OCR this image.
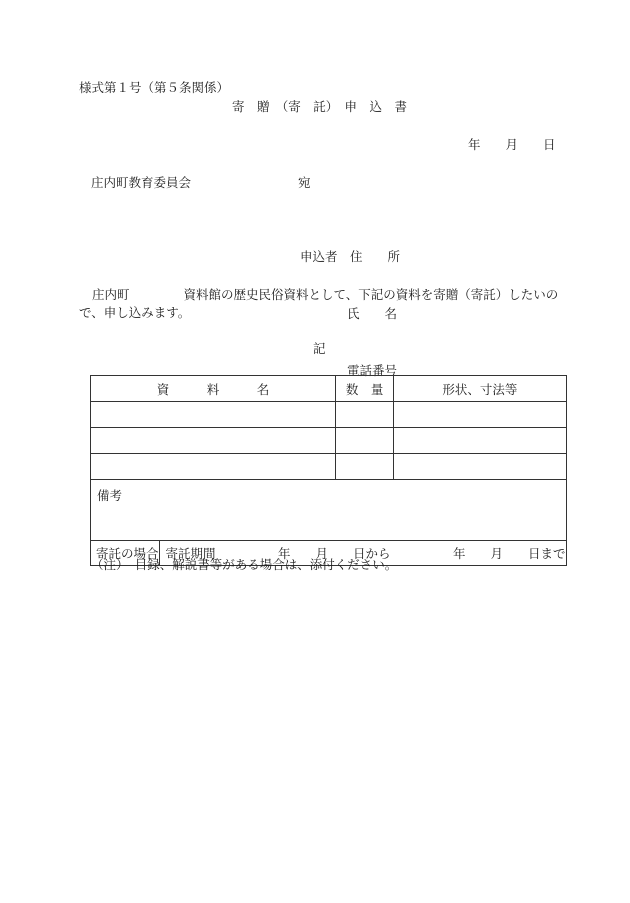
様式第１号（第５条関係）
寄　贈　（寄　託）　申　込　書
年　　月　　日
庄内町教育委員会	宛

申込者　 住　　所

氏　　名

電話番号

庄内町	資料館の歴史民俗資料として、下記の資料を寄贈（寄託）したいので、申し込みます。
記
資　　　料　　　名		数　量	形状、寸法等

備考			
寄託の場合	寄託期間　　　　　年　　月　　日から　　　　　年　　月　　日まで		
（注）　目録、解説書等がある場合は、添付ください。
